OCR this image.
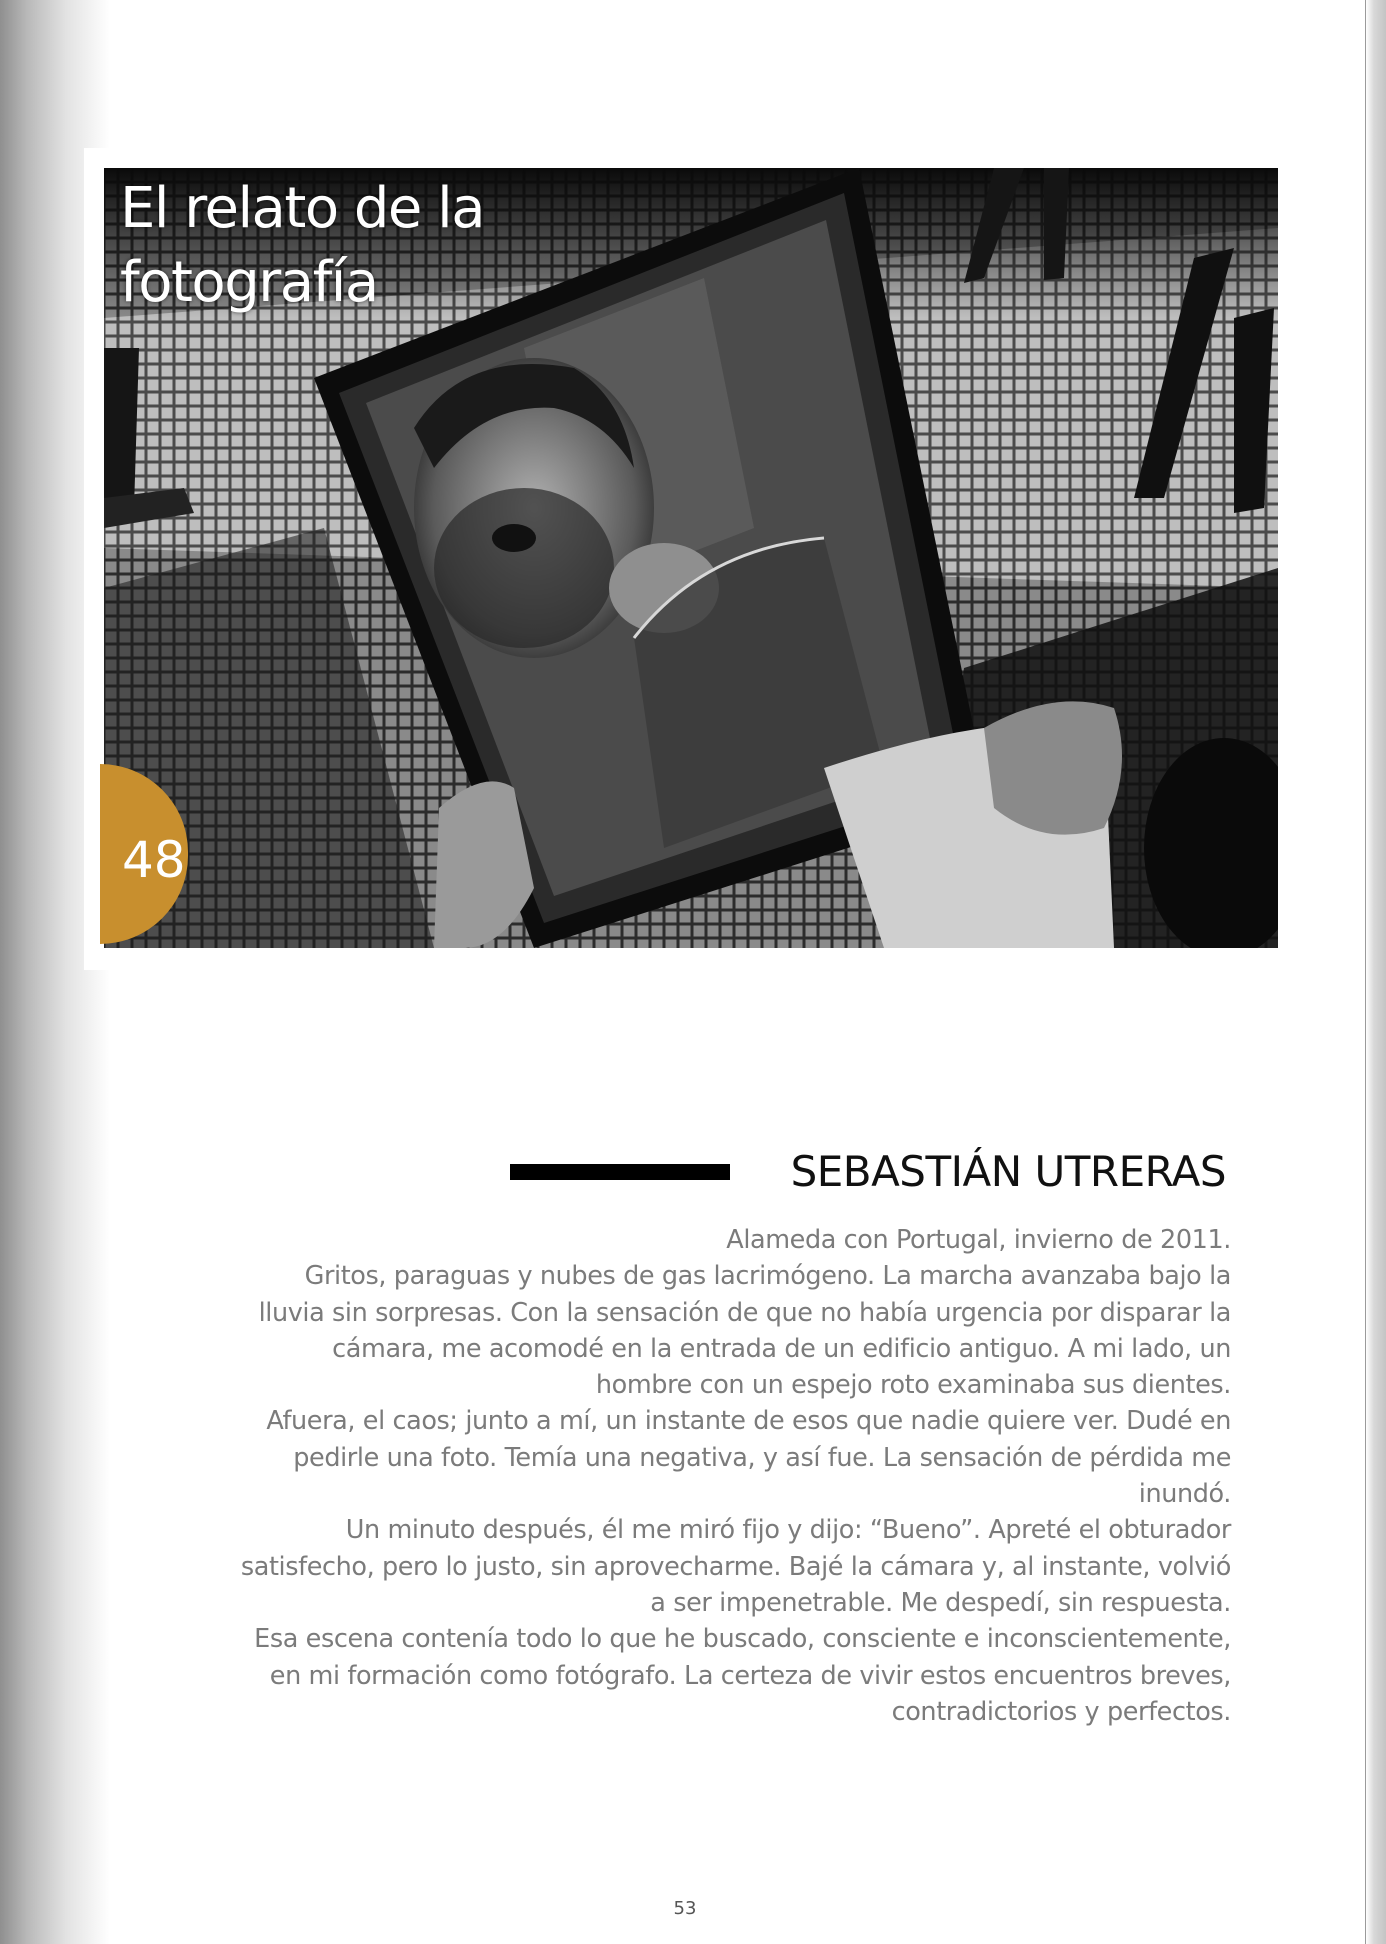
El relato de la fotografía
48
SEBASTIÁN UTRERAS

Alameda con Portugal, invierno de 2011.

Gritos, paraguas y nubes de gas lacrimógeno. La marcha avanzaba bajo la

lluvia sin sorpresas. Con la sensación de que no había urgencia por disparar la

cámara, me acomodé en la entrada de un edificio antiguo. A mi lado, un

hombre con un espejo roto examinaba sus dientes.

Afuera, el caos; junto a mí, un instante de esos que nadie quiere ver. Dudé en

pedirle una foto. Temía una negativa, y así fue. La sensación de pérdida me

inundó.

Un minuto después, él me miró fijo y dijo: “Bueno”. Apreté el obturador

satisfecho, pero lo justo, sin aprovecharme. Bajé la cámara y, al instante, volvió

a ser impenetrable. Me despedí, sin respuesta.

Esa escena contenía todo lo que he buscado, consciente e inconscientemente,

en mi formación como fotógrafo. La certeza de vivir estos encuentros breves,

contradictorios y perfectos.

53
